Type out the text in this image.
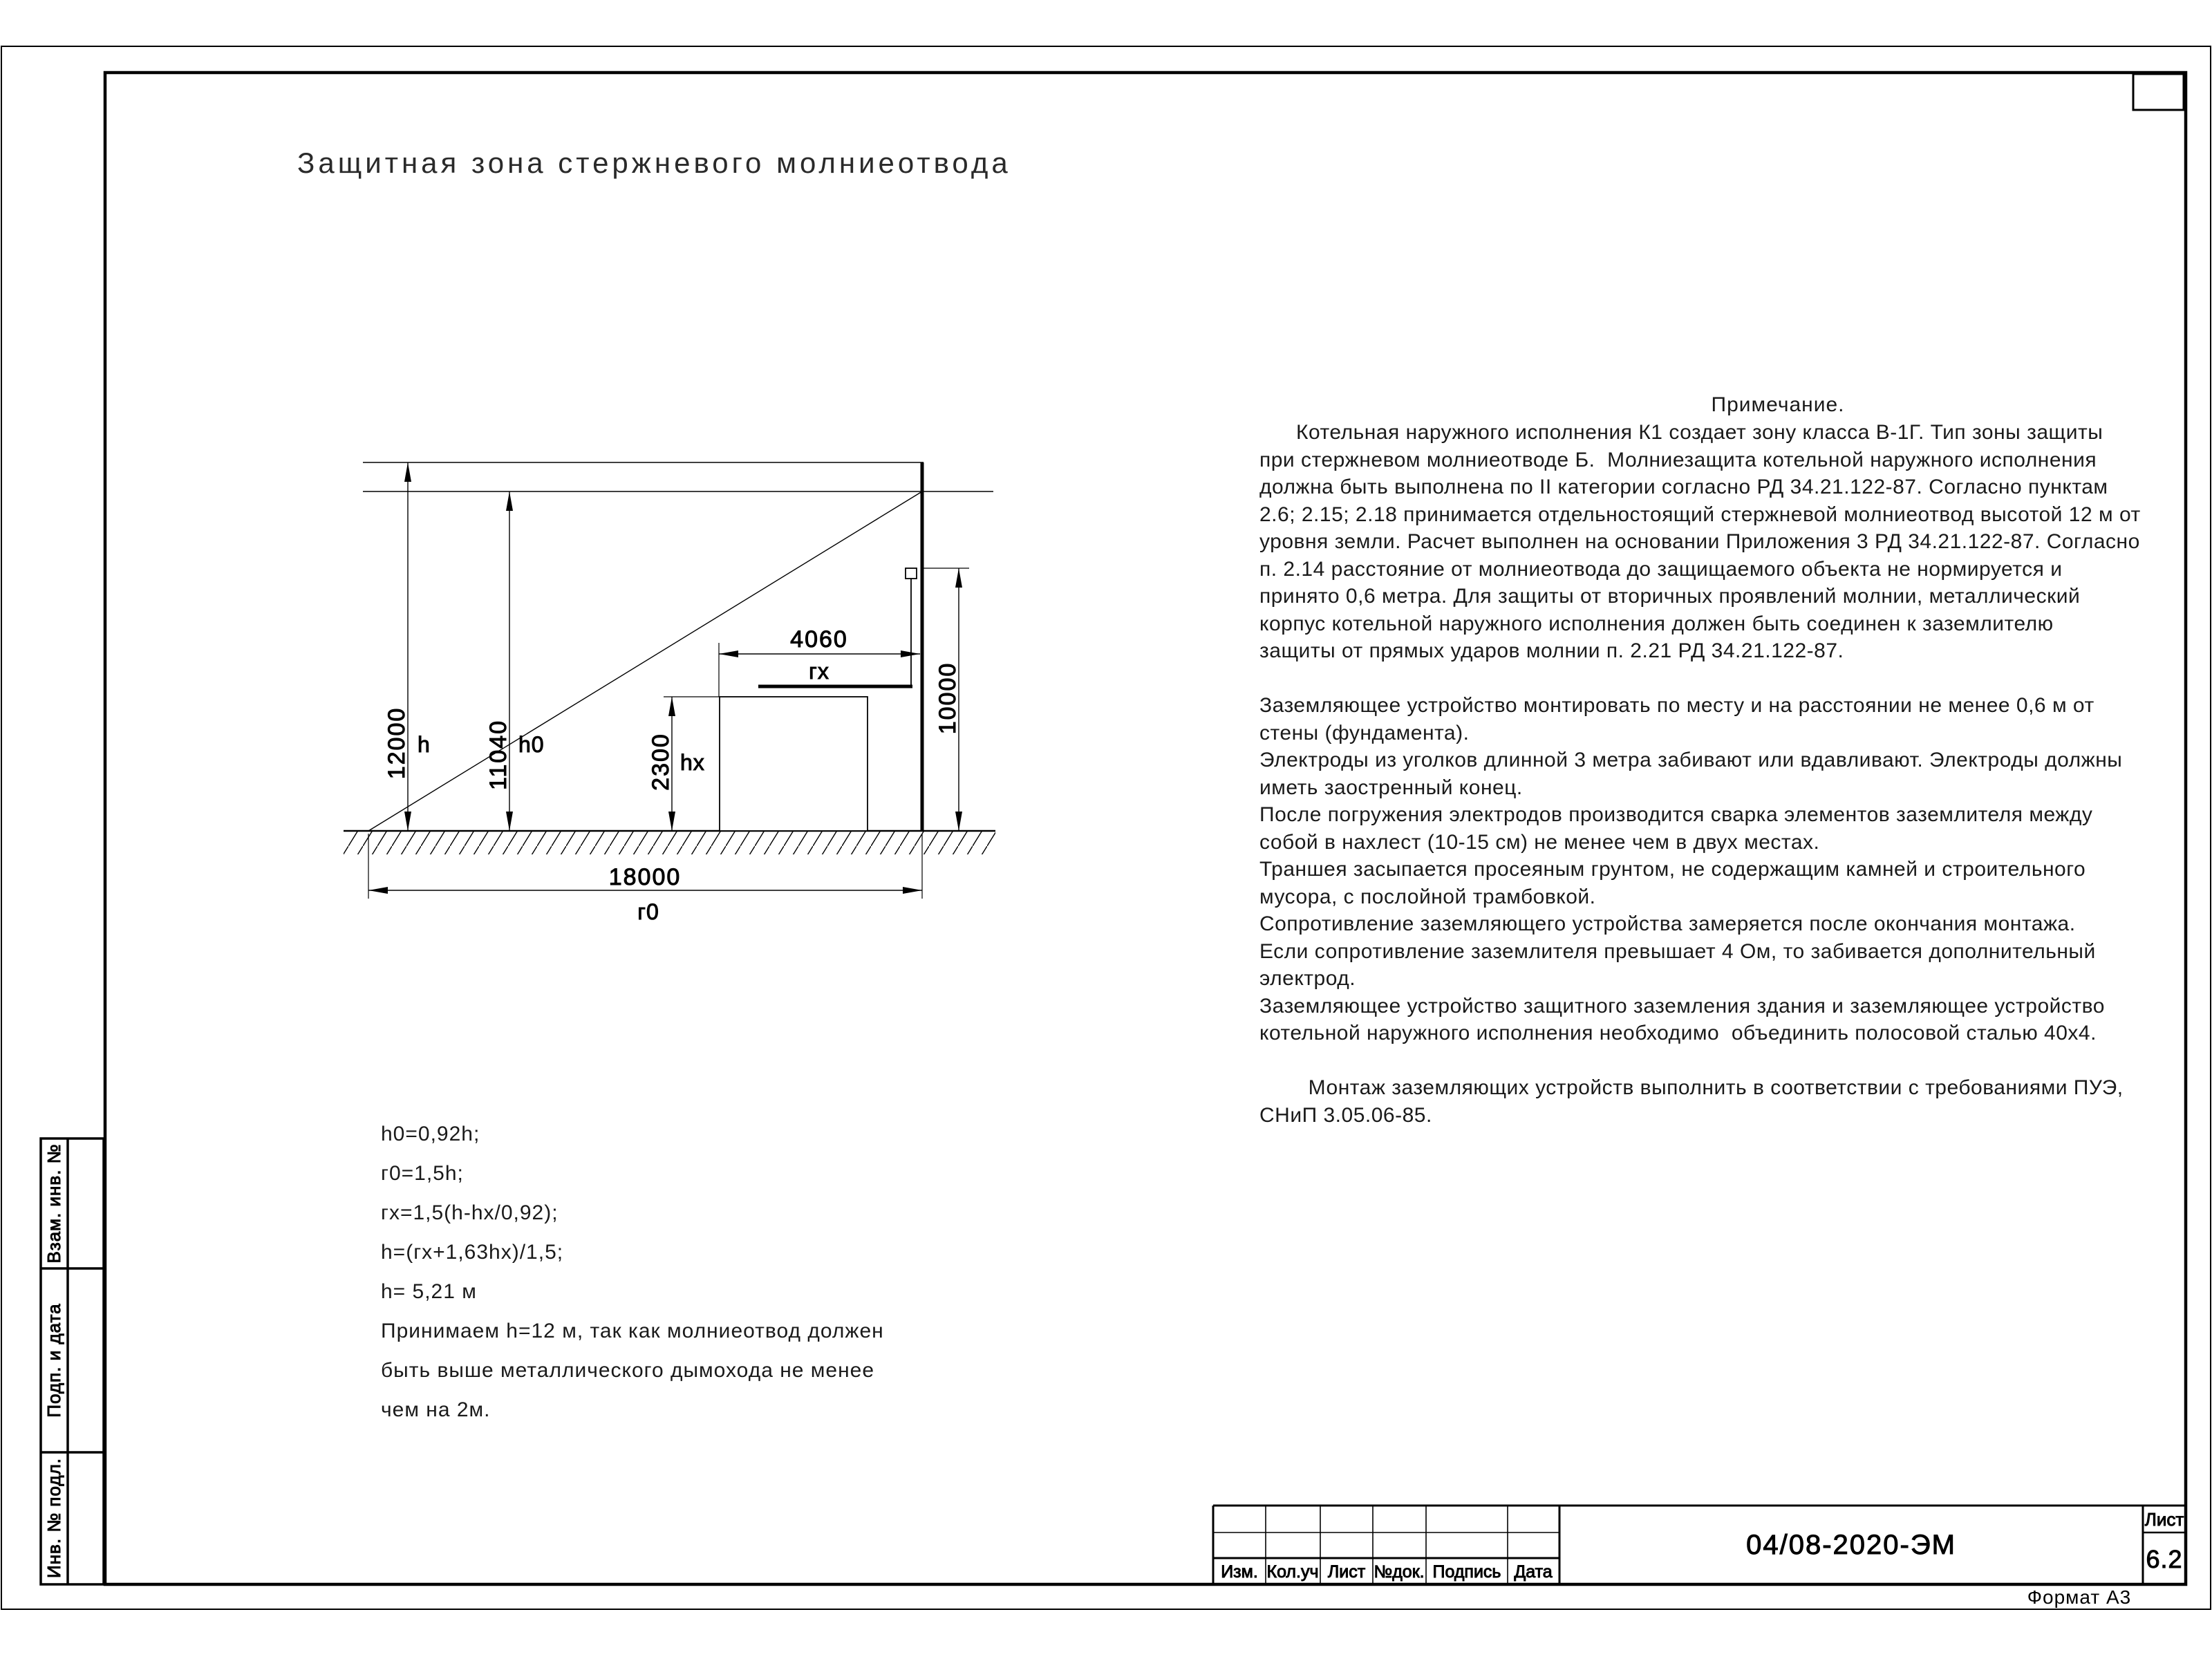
12000 h 11040 h0	2300 hx
4060
гх	10000
18000
г0
Взам. инв. №
Подп. и дата
Инв. № подл.	Изм. Кол.уч Лист №док. Подпись Дата
04/08-2020-ЭМ
Лист
6.2
Формат А3
Защитная зона стержневого молниеотвода
h0=0,92h;
г0=1,5h;
гх=1,5(h-hx/0,92);
h=(гх+1,63hx)/1,5;
h= 5,21 м
Принимаем h=12 м, так как молниеотвод должен
быть выше металлического дымохода не менее
чем на 2м.
Примечание.
Котельная наружного исполнения К1 создает зону класса В-1Г. Тип зоны защиты
при стержневом молниеотводе Б.  Молниезащита котельной наружного исполнения
должна быть выполнена по II категории согласно РД 34.21.122-87. Согласно пунктам
2.6; 2.15; 2.18 принимается отдельностоящий стержневой молниеотвод высотой 12 м от
уровня земли. Расчет выполнен на основании Приложения 3 РД 34.21.122-87. Согласно
п. 2.14 расстояние от молниеотвода до защищаемого объекта не нормируется и
принято 0,6 метра. Для защиты от вторичных проявлений молнии, металлический
корпус котельной наружного исполнения должен быть соединен к заземлителю
защиты от прямых ударов молнии п. 2.21 РД 34.21.122-87.
Заземляющее устройство монтировать по месту и на расстоянии не менее 0,6 м от
стены (фундамента).
Электроды из уголков длинной 3 метра забивают или вдавливают. Электроды должны
иметь заостренный конец.
После погружения электродов производится сварка элементов заземлителя между
собой в нахлест (10-15 см) не менее чем в двух местах.
Траншея засыпается просеяным грунтом, не содержащим камней и строительного
мусора, с послойной трамбовкой.
Сопротивление заземляющего устройства замеряется после окончания монтажа.
Если сопротивление заземлителя превышает 4 Ом, то забивается дополнительный
электрод.
Заземляющее устройство защитного заземления здания и заземляющее устройство
котельной наружного исполнения необходимо  объединить полосовой сталью 40х4.
Монтаж заземляющих устройств выполнить в соответствии с требованиями ПУЭ,
СНиП 3.05.06-85.
